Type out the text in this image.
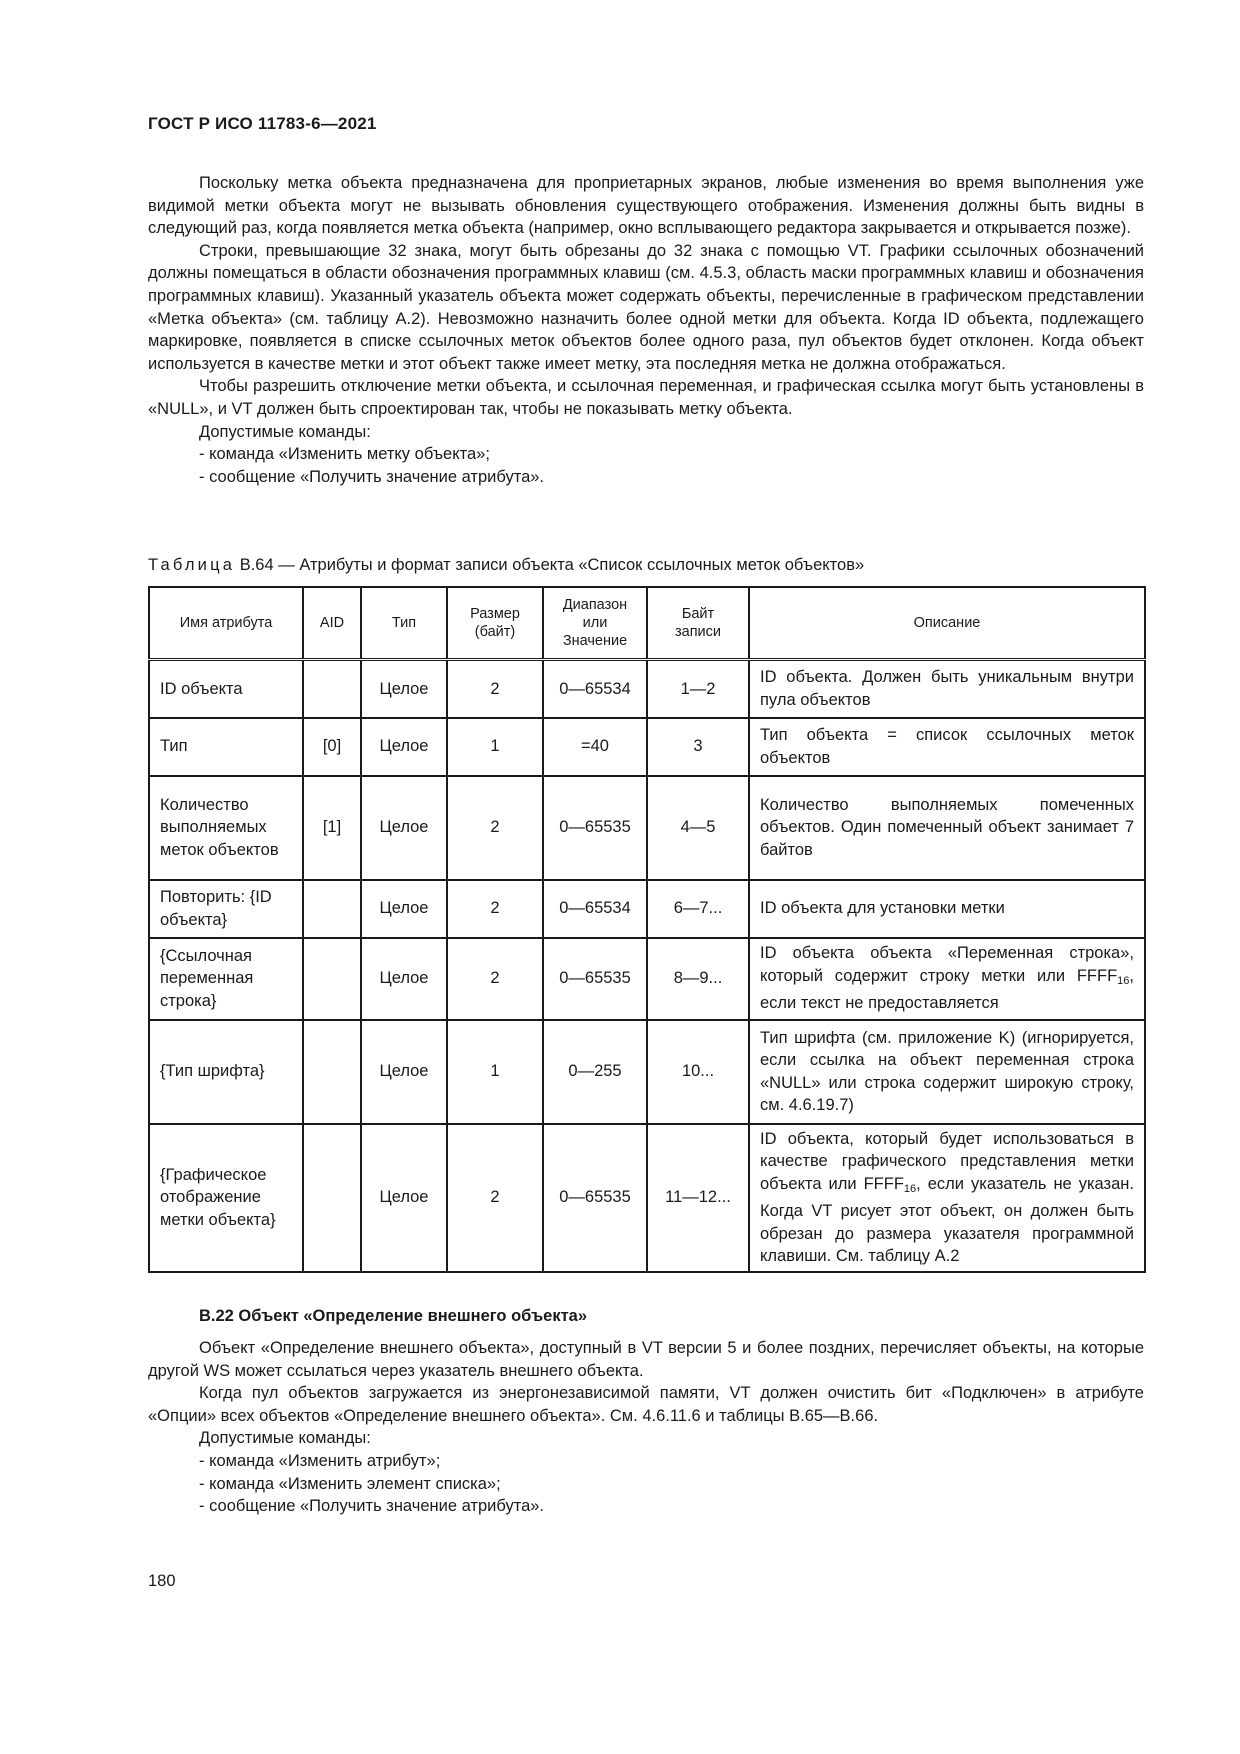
ГОСТ Р ИСО 11783-6—2021

Поскольку метка объекта предназначена для проприетарных экранов, любые изменения во время выполнения уже видимой метки объекта могут не вызывать обновления существующего отображения. Изменения должны быть видны в следующий раз, когда появляется метка объекта (например, окно всплывающего редактора закрывается и открывается позже).

Строки, превышающие 32 знака, могут быть обрезаны до 32 знака с помощью VT. Графики ссылочных обозначений должны помещаться в области обозначения программных клавиш (см. 4.5.3, область маски программных клавиш и обозначения программных клавиш). Указанный указатель объекта может содержать объекты, перечисленные в графическом представлении «Метка объекта» (см. таблицу А.2). Невозможно назначить более одной метки для объекта. Когда ID объекта, подлежащего маркировке, появляется в списке ссылочных меток объектов более одного раза, пул объектов будет отклонен. Когда объект используется в качестве метки и этот объект также имеет метку, эта последняя метка не должна отображаться.

Чтобы разрешить отключение метки объекта, и ссылочная переменная, и графическая ссылка могут быть установлены в «NULL», и VT должен быть спроектирован так, чтобы не показывать метку объекта.

Допустимые команды:

- команда «Изменить метку объекта»;

- сообщение «Получить значение атрибута».

Таблица В.64 — Атрибуты и формат записи объекта «Список ссылочных меток объектов»
Имя атрибута	AID	Тип	Размер (байт)	Диапазон или Значение	Байт записи	Описание
ID объекта		Целое	2	0—65534	1—2	ID объекта. Должен быть уникальным внутри пула объектов
Тип	[0]	Целое	1	=40	3	Тип объекта = список ссылочных меток объектов
Количество выполняемых меток объектов	[1]	Целое	2	0—65535	4—5	Количество выполняемых помеченных объектов. Один помеченный объект занимает 7 байтов
Повторить: {ID объекта}		Целое	2	0—65534	6—7...	ID объекта для установки метки
{Ссылочная переменная строка}		Целое	2	0—65535	8—9...	ID объекта объекта «Переменная строка», который содержит строку метки или $FFFF_{16}$, если текст не предоставляется
{Тип шрифта}		Целое	1	0—255	10...	Тип шрифта (см. приложение K) (игнорируется, если ссылка на объект переменная строка «NULL» или строка содержит широкую строку, см. 4.6.19.7)
{Графическое отображение метки объекта}		Целое	2	0—65535	11—12...	ID объекта, который будет использоваться в качестве графического представления метки объекта или $FFFF_{16}$, если указатель не указан. Когда VT рисует этот объект, он должен быть обрезан до размера указателя программной клавиши. См. таблицу А.2
В.22 Объект «Определение внешнего объекта»

Объект «Определение внешнего объекта», доступный в VT версии 5 и более поздних, перечисляет объекты, на которые другой WS может ссылаться через указатель внешнего объекта.

Когда пул объектов загружается из энергонезависимой памяти, VT должен очистить бит «Подключен» в атрибуте «Опции» всех объектов «Определение внешнего объекта». См. 4.6.11.6 и таблицы В.65—В.66.

Допустимые команды:

- команда «Изменить атрибут»;

- команда «Изменить элемент списка»;

- сообщение «Получить значение атрибута».

180
